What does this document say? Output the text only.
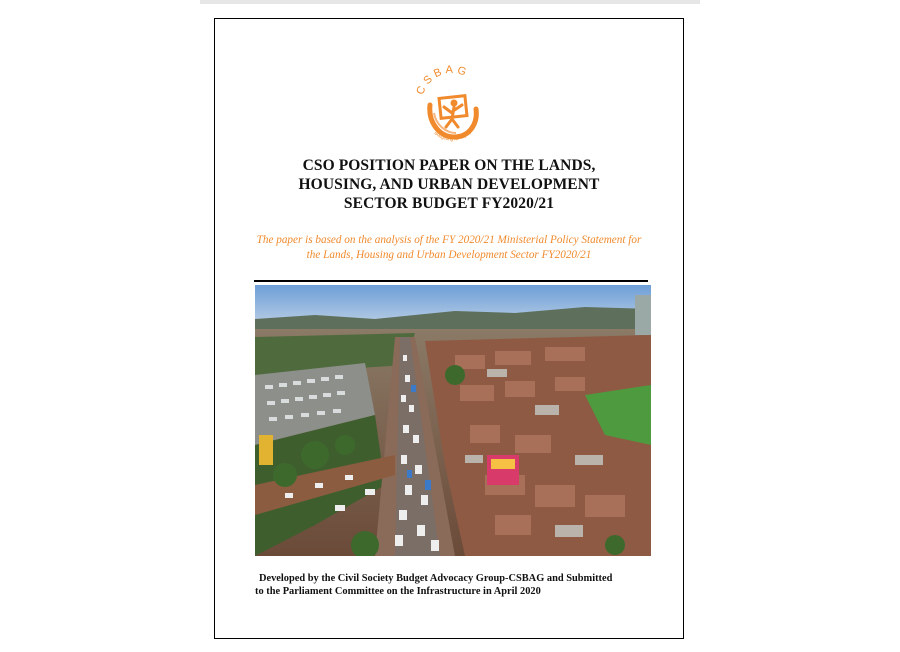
CSBAG
Budgeting for equity
CSO POSITION PAPER ON THE LANDS,
HOUSING, AND URBAN DEVELOPMENT
SECTOR BUDGET FY2020/21
The paper is based on the analysis of the FY 2020/21 Ministerial Policy Statement for
the Lands, Housing and Urban Development Sector FY2020/21
Developed by the Civil Society Budget Advocacy Group-CSBAG and Submitted
to the Parliament Committee on the Infrastructure in April 2020
